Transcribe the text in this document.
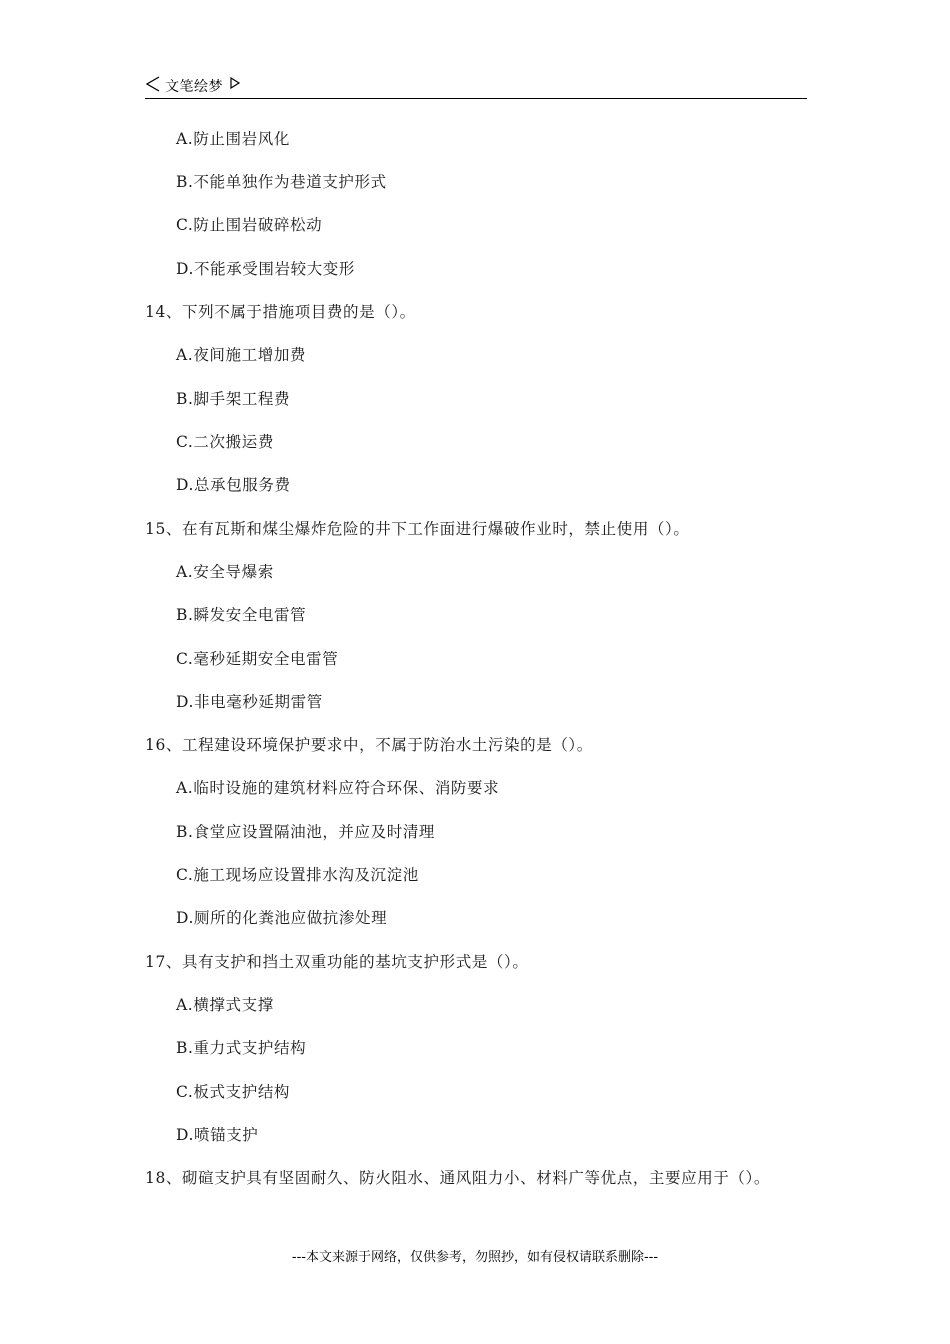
文笔绘梦
A.防止围岩风化
B.不能单独作为巷道支护形式
C.防止围岩破碎松动
D.不能承受围岩较大变形
14、下列不属于措施项目费的是（）。
A.夜间施工增加费
B.脚手架工程费
C.二次搬运费
D.总承包服务费
15、在有瓦斯和煤尘爆炸危险的井下工作面进行爆破作业时，禁止使用（）。
A.安全导爆索
B.瞬发安全电雷管
C.毫秒延期安全电雷管
D.非电毫秒延期雷管
16、工程建设环境保护要求中，不属于防治水土污染的是（）。
A.临时设施的建筑材料应符合环保、消防要求
B.食堂应设置隔油池，并应及时清理
C.施工现场应设置排水沟及沉淀池
D.厕所的化粪池应做抗渗处理
17、具有支护和挡土双重功能的基坑支护形式是（）。
A.横撑式支撑
B.重力式支护结构
C.板式支护结构
D.喷锚支护
18、砌碹支护具有坚固耐久、防火阻水、通风阻力小、材料广等优点，主要应用于（）。
---本文来源于网络，仅供参考，勿照抄，如有侵权请联系删除---
